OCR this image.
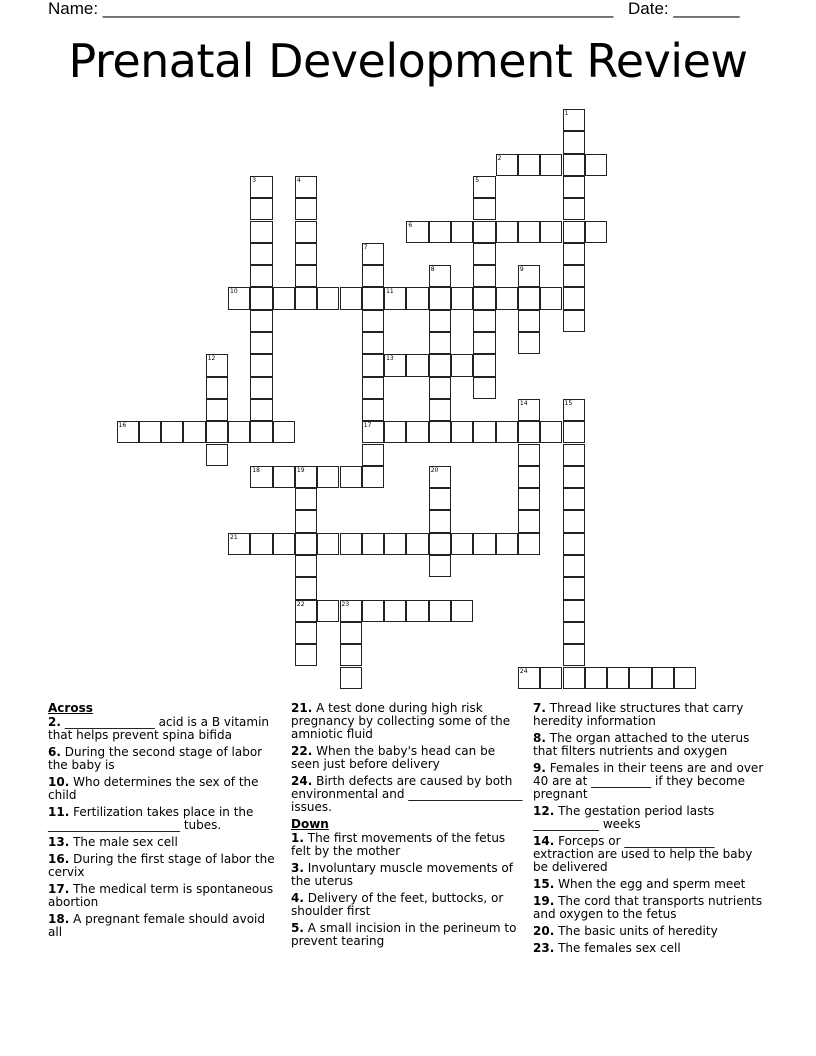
Name: ______________________________________________________ Date: _______
Prenatal Development Review
1
2
3	4	5
6
7
8	9
10	11
12	13
14	15
16	17
18	19	20
21
22	23
24
Across
2. _______________ acid is a B vitamin that helps prevent spina bifida
6. During the second stage of labor the baby is
10. Who determines the sex of the child
11. Fertilization takes place in the ______________________ tubes.
13. The male sex cell
16. During the first stage of labor the cervix
17. The medical term is spontaneous abortion
18. A pregnant female should avoid all
21. A test done during high risk pregnancy by collecting some of the amniotic fluid
22. When the baby's head can be seen just before delivery
24. Birth defects are caused by both environmental and ___________________ issues.
Down
1. The first movements of the fetus felt by the mother
3. Involuntary muscle movements of the uterus
4. Delivery of the feet, buttocks, or shoulder first
5. A small incision in the perineum to prevent tearing
7. Thread like structures that carry heredity information
8. The organ attached to the uterus that filters nutrients and oxygen
9. Females in their teens are and over 40 are at __________ if they become pregnant
12. The gestation period lasts ___________ weeks
14. Forceps or _______________ extraction are used to help the baby be delivered
15. When the egg and sperm meet
19. The cord that transports nutrients and oxygen to the fetus
20. The basic units of heredity
23. The females sex cell
